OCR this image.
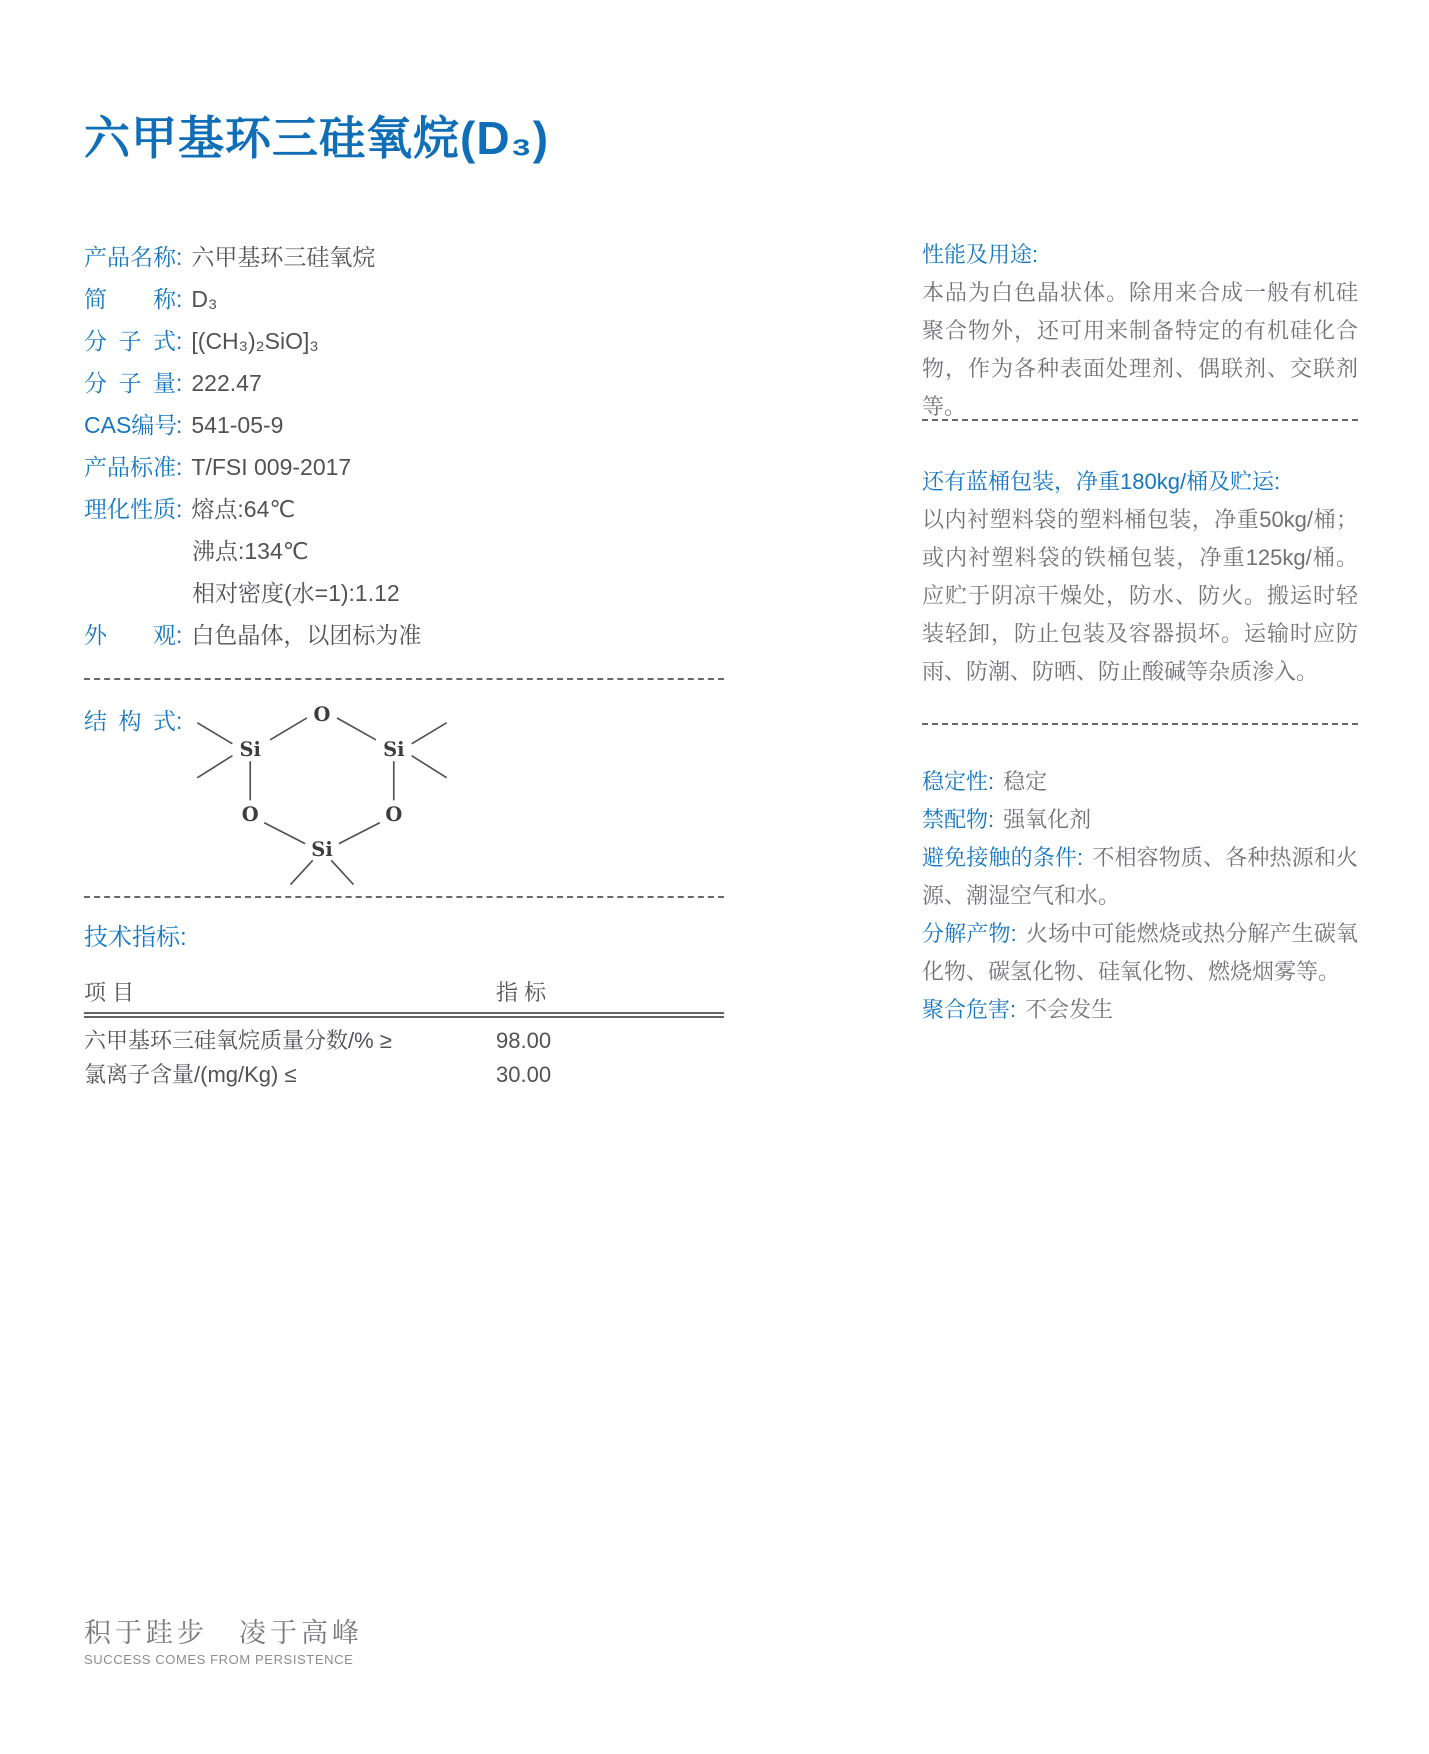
六甲基环三硅氧烷(D₃)
产品名称: 六甲基环三硅氧烷
简称: D₃
分子式: [(CH₃)₂SiO]₃
分子量: 222.47
CAS编号: 541-05-9
产品标准: T/FSI 009-2017
理化性质: 熔点:64℃
沸点:134℃
相对密度(水=1):1.12
外观: 白色晶体，以团标为准
结构式:	O
Si	Si
O	O
Si
技术指标:
项 目	指 标
六甲基环三硅氧烷质量分数/% ≥	98.00
氯离子含量/(mg/Kg) ≤	30.00
性能及用途:
本品为白色晶状体。除用来合成一般有机硅聚合物外，还可用来制备特定的有机硅化合物，作为各种表面处理剂、偶联剂、交联剂等。
还有蓝桶包装，净重180kg/桶及贮运:
以内衬塑料袋的塑料桶包装，净重50kg/桶；或内衬塑料袋的铁桶包装，净重125kg/桶。应贮于阴凉干燥处，防水、防火。搬运时轻装轻卸，防止包装及容器损坏。运输时应防雨、防潮、防晒、防止酸碱等杂质渗入。

稳定性: 稳定

禁配物: 强氧化剂

避免接触的条件: 不相容物质、各种热源和火源、潮湿空气和水。

分解产物: 火场中可能燃烧或热分解产生碳氧化物、碳氢化物、硅氧化物、燃烧烟雾等。

聚合危害: 不会发生

积于跬步　凌于高峰
SUCCESS COMES FROM PERSISTENCE
